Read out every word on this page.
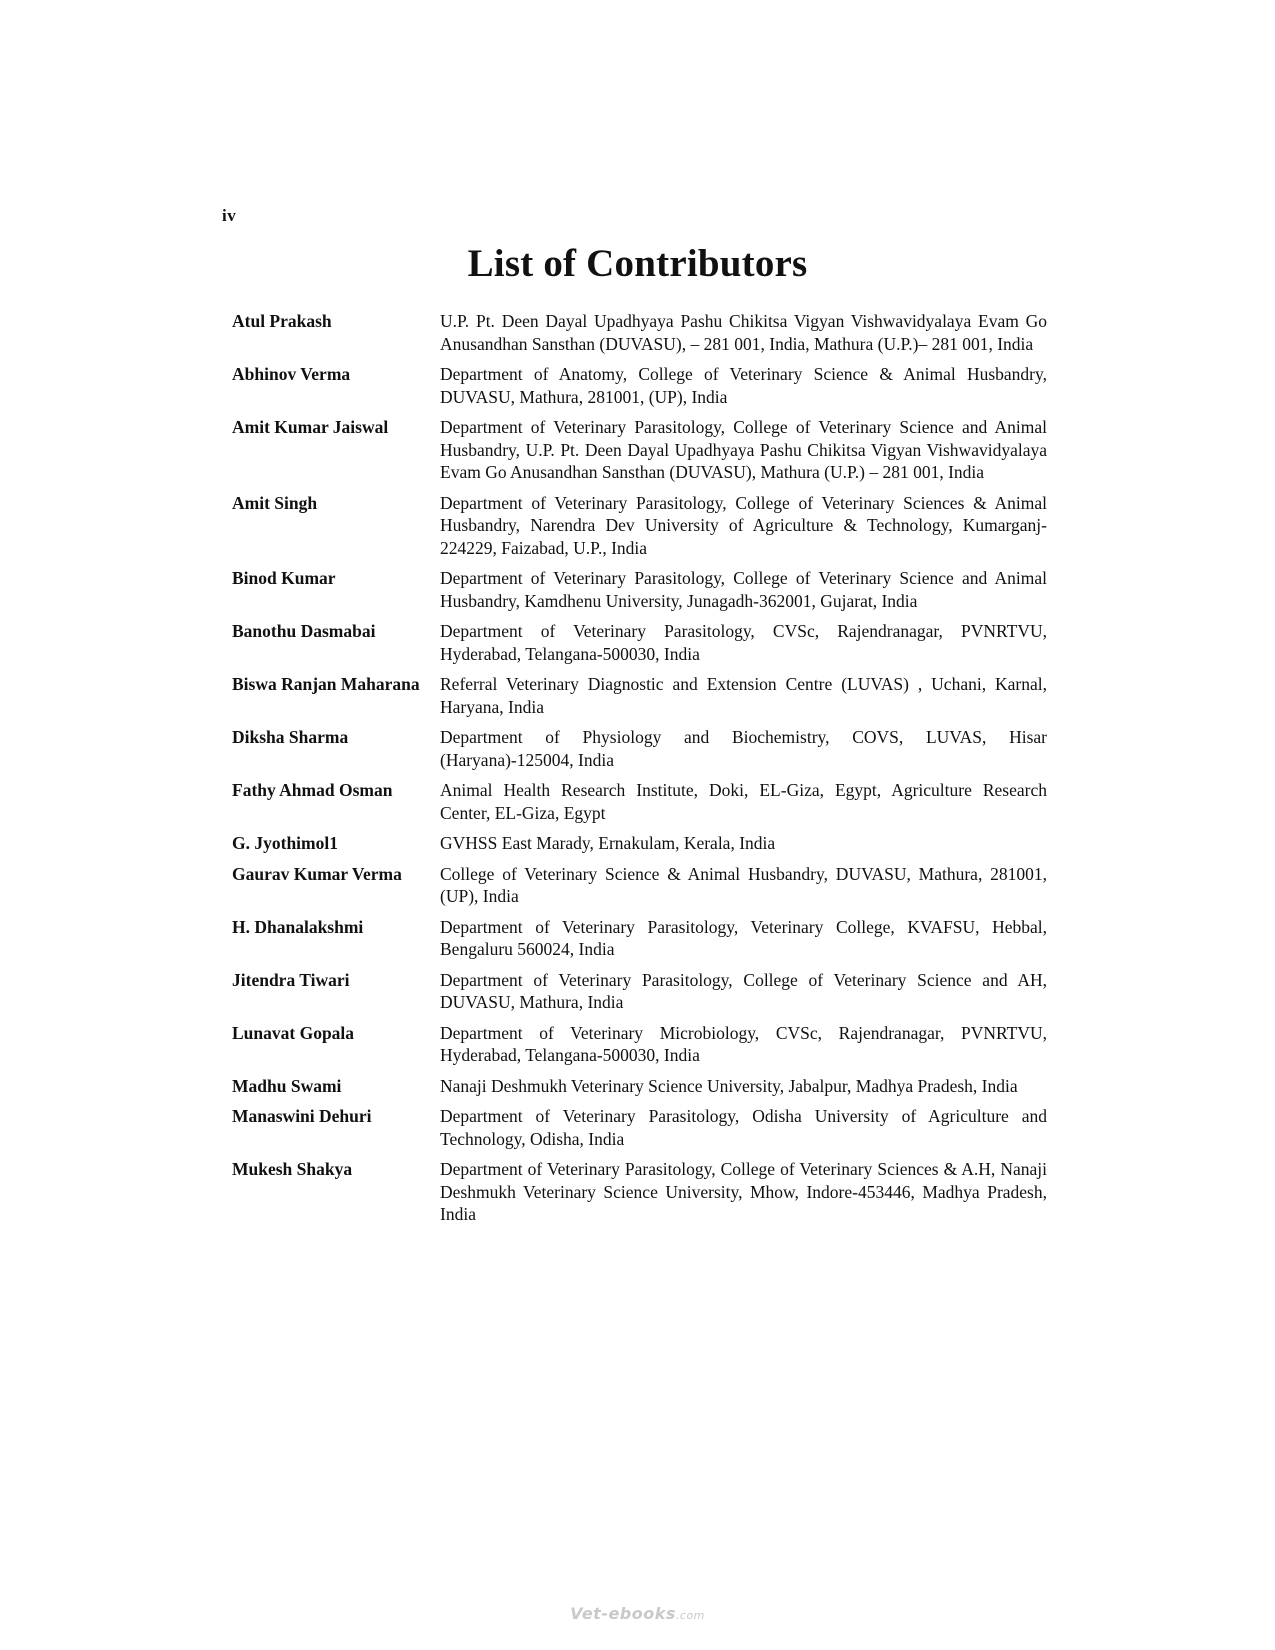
iv
List of Contributors
Atul Prakash	U.P. Pt. Deen Dayal Upadhyaya Pashu Chikitsa Vigyan Vishwavidyalaya Evam Go Anusandhan Sansthan (DUVASU), – 281 001, India, Mathura (U.P.)– 281 001, India
Abhinov Verma	Department of Anatomy, College of Veterinary Science & Animal Husbandry, DUVASU, Mathura, 281001, (UP), India
Amit Kumar Jaiswal	Department of Veterinary Parasitology, College of Veterinary Science and Animal Husbandry, U.P. Pt. Deen Dayal Upadhyaya Pashu Chikitsa Vigyan Vishwavidyalaya Evam Go Anusandhan Sansthan (DUVASU), Mathura (U.P.) – 281 001, India
Amit Singh	Department of Veterinary Parasitology, College of Veterinary Sciences & Animal Husbandry, Narendra Dev University of Agriculture & Technology, Kumarganj- 224229, Faizabad, U.P., India
Binod Kumar	Department of Veterinary Parasitology, College of Veterinary Science and Animal Husbandry, Kamdhenu University, Junagadh-362001, Gujarat, India
Banothu Dasmabai	Department of Veterinary Parasitology, CVSc, Rajendranagar, PVNRTVU, Hyderabad, Telangana-500030, India
Biswa Ranjan Maharana	Referral Veterinary Diagnostic and Extension Centre (LUVAS) , Uchani, Karnal, Haryana, India
Diksha Sharma	Department of Physiology and Biochemistry, COVS, LUVAS, Hisar (Haryana)-125004, India
Fathy Ahmad Osman	Animal Health Research Institute, Doki, EL-Giza, Egypt, Agriculture Research Center, EL-Giza, Egypt
G. Jyothimol1	GVHSS East Marady, Ernakulam, Kerala, India
Gaurav Kumar Verma	College of Veterinary Science & Animal Husbandry, DUVASU, Mathura, 281001,(UP), India
H. Dhanalakshmi	Department of Veterinary Parasitology, Veterinary College, KVAFSU, Hebbal, Bengaluru 560024, India
Jitendra Tiwari	Department of Veterinary Parasitology, College of Veterinary Science and AH, DUVASU, Mathura, India
Lunavat Gopala	Department of Veterinary Microbiology, CVSc, Rajendranagar, PVNRTVU, Hyderabad, Telangana-500030, India
Madhu Swami	Nanaji Deshmukh Veterinary Science University, Jabalpur, Madhya Pradesh, India
Manaswini Dehuri	Department of Veterinary Parasitology, Odisha University of Agriculture and Technology, Odisha, India
Mukesh Shakya	Department of Veterinary Parasitology, College of Veterinary Sciences & A.H, Nanaji Deshmukh Veterinary Science University, Mhow, Indore-453446, Madhya Pradesh, India
Vet-ebooks.com
